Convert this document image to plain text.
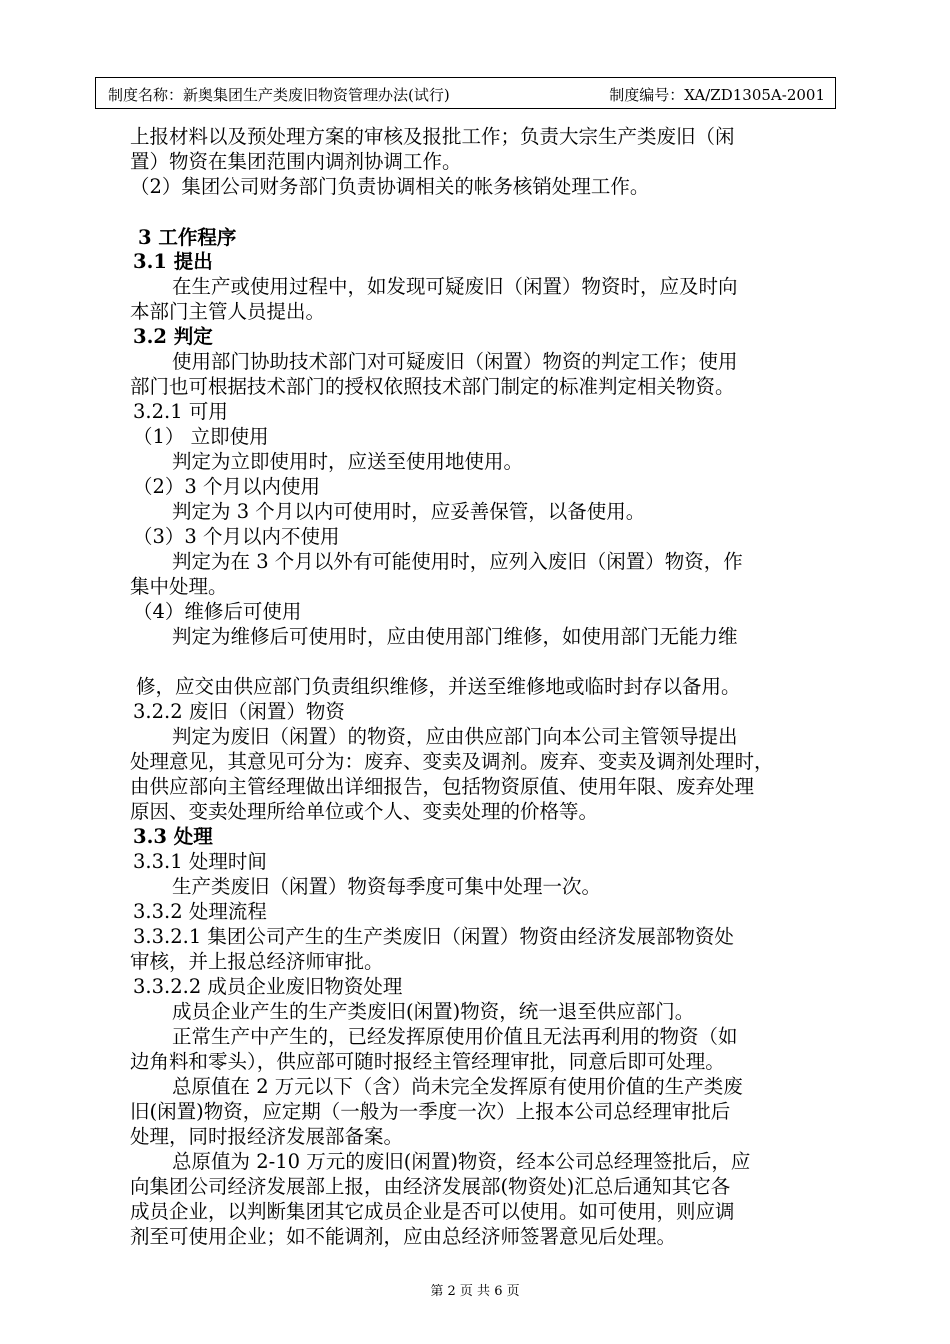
制度名称：新奥集团生产类废旧物资管理办法(试行)	制度编号：XA/ZD1305A-2001
上报材料以及预处理方案的审核及报批工作；负责大宗生产类废旧（闲
置）物资在集团范围内调剂协调工作。
（2）集团公司财务部门负责协调相关的帐务核销处理工作。
3 工作程序
3.1 提出
在生产或使用过程中，如发现可疑废旧（闲置）物资时，应及时向
本部门主管人员提出。
3.2 判定
使用部门协助技术部门对可疑废旧（闲置）物资的判定工作；使用
部门也可根据技术部门的授权依照技术部门制定的标准判定相关物资。
3.2.1 可用
（1） 立即使用
判定为立即使用时，应送至使用地使用。
（2）3 个月以内使用
判定为 3 个月以内可使用时，应妥善保管，以备使用。
（3）3 个月以内不使用
判定为在 3 个月以外有可能使用时，应列入废旧（闲置）物资，作
集中处理。
（4）维修后可使用
判定为维修后可使用时，应由使用部门维修，如使用部门无能力维
修，应交由供应部门负责组织维修，并送至维修地或临时封存以备用。
3.2.2 废旧（闲置）物资
判定为废旧（闲置）的物资，应由供应部门向本公司主管领导提出
处理意见，其意见可分为：废弃、变卖及调剂。废弃、变卖及调剂处理时，
由供应部向主管经理做出详细报告，包括物资原值、使用年限、废弃处理
原因、变卖处理所给单位或个人、变卖处理的价格等。
3.3 处理
3.3.1 处理时间
生产类废旧（闲置）物资每季度可集中处理一次。
3.3.2 处理流程
3.3.2.1 集团公司产生的生产类废旧（闲置）物资由经济发展部物资处
审核，并上报总经济师审批。
3.3.2.2 成员企业废旧物资处理
成员企业产生的生产类废旧(闲置)物资，统一退至供应部门。
正常生产中产生的，已经发挥原使用价值且无法再利用的物资（如
边角料和零头），供应部可随时报经主管经理审批，同意后即可处理。
总原值在 2 万元以下（含）尚未完全发挥原有使用价值的生产类废
旧(闲置)物资，应定期（一般为一季度一次）上报本公司总经理审批后
处理，同时报经济发展部备案。
总原值为 2-10 万元的废旧(闲置)物资，经本公司总经理签批后，应
向集团公司经济发展部上报，由经济发展部(物资处)汇总后通知其它各
成员企业，以判断集团其它成员企业是否可以使用。如可使用，则应调
剂至可使用企业；如不能调剂，应由总经济师签署意见后处理。
第 2 页 共 6 页
